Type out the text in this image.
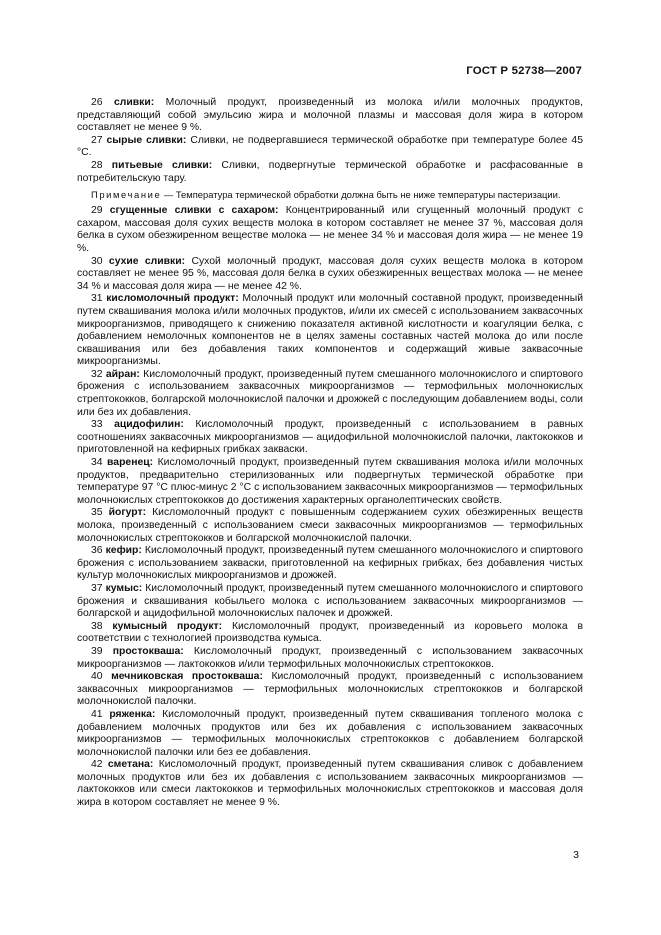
ГОСТ Р 52738—2007

26 сливки: Молочный продукт, произведенный из молока и/или молочных продуктов, представляющий собой эмульсию жира и молочной плазмы и массовая доля жира в котором составляет не менее 9 %.

27 сырые сливки: Сливки, не подвергавшиеся термической обработке при температуре более 45 °С.

28 питьевые сливки: Сливки, подвергнутые термической обработке и расфасованные в потребительскую тару.

Примечание — Температура термической обработки должна быть не ниже температуры пастеризации.

29 сгущенные сливки с сахаром: Концентрированный или сгущенный молочный продукт с сахаром, массовая доля сухих веществ молока в котором составляет не менее 37 %, массовая доля белка в сухом обезжиренном веществе молока — не менее 34 % и массовая доля жира — не менее 19 %.

30 сухие сливки: Сухой молочный продукт, массовая доля сухих веществ молока в котором составляет не менее 95 %, массовая доля белка в сухих обезжиренных веществах молока — не менее 34 % и массовая доля жира — не менее 42 %.

31 кисломолочный продукт: Молочный продукт или молочный составной продукт, произведенный путем сквашивания молока и/или молочных продуктов, и/или их смесей с использованием заквасочных микроорганизмов, приводящего к снижению показателя активной кислотности и коагуляции белка, с добавлением немолочных компонентов не в целях замены составных частей молока до или после сквашивания или без добавления таких компонентов и содержащий живые заквасочные микроорганизмы.

32 айран: Кисломолочный продукт, произведенный путем смешанного молочнокислого и спиртового брожения с использованием заквасочных микроорганизмов — термофильных молочнокислых стрептококков, болгарской молочнокислой палочки и дрожжей с последующим добавлением воды, соли или без их добавления.

33 ацидофилин: Кисломолочный продукт, произведенный с использованием в равных соотношениях заквасочных микроорганизмов — ацидофильной молочнокислой палочки, лактококков и приготовленной на кефирных грибках закваски.

34 варенец: Кисломолочный продукт, произведенный путем сквашивания молока и/или молочных продуктов, предварительно стерилизованных или подвергнутых термической обработке при температуре 97 °С плюс-минус 2 °С с использованием заквасочных микроорганизмов — термофильных молочнокислых стрептококков до достижения характерных органолептических свойств.

35 йогурт: Кисломолочный продукт с повышенным содержанием сухих обезжиренных веществ молока, произведенный с использованием смеси заквасочных микроорганизмов — термофильных молочнокислых стрептококков и болгарской молочнокислой палочки.

36 кефир: Кисломолочный продукт, произведенный путем смешанного молочнокислого и спиртового брожения с использованием закваски, приготовленной на кефирных грибках, без добавления чистых культур молочнокислых микроорганизмов и дрожжей.

37 кумыс: Кисломолочный продукт, произведенный путем смешанного молочнокислого и спиртового брожения и сквашивания кобыльего молока с использованием заквасочных микроорганизмов — болгарской и ацидофильной молочнокислых палочек и дрожжей.

38 кумысный продукт: Кисломолочный продукт, произведенный из коровьего молока в соответствии с технологией производства кумыса.

39 простокваша: Кисломолочный продукт, произведенный с использованием заквасочных микроорганизмов — лактококков и/или термофильных молочнокислых стрептококков.

40 мечниковская простокваша: Кисломолочный продукт, произведенный с использованием заквасочных микроорганизмов — термофильных молочнокислых стрептококков и болгарской молочнокислой палочки.

41 ряженка: Кисломолочный продукт, произведенный путем сквашивания топленого молока с добавлением молочных продуктов или без их добавления с использованием заквасочных микроорганизмов — термофильных молочнокислых стрептококков с добавлением болгарской молочнокислой палочки или без ее добавления.

42 сметана: Кисломолочный продукт, произведенный путем сквашивания сливок с добавлением молочных продуктов или без их добавления с использованием заквасочных микроорганизмов — лактококков или смеси лактококков и термофильных молочнокислых стрептококков и массовая доля жира в котором составляет не менее 9 %.

3
